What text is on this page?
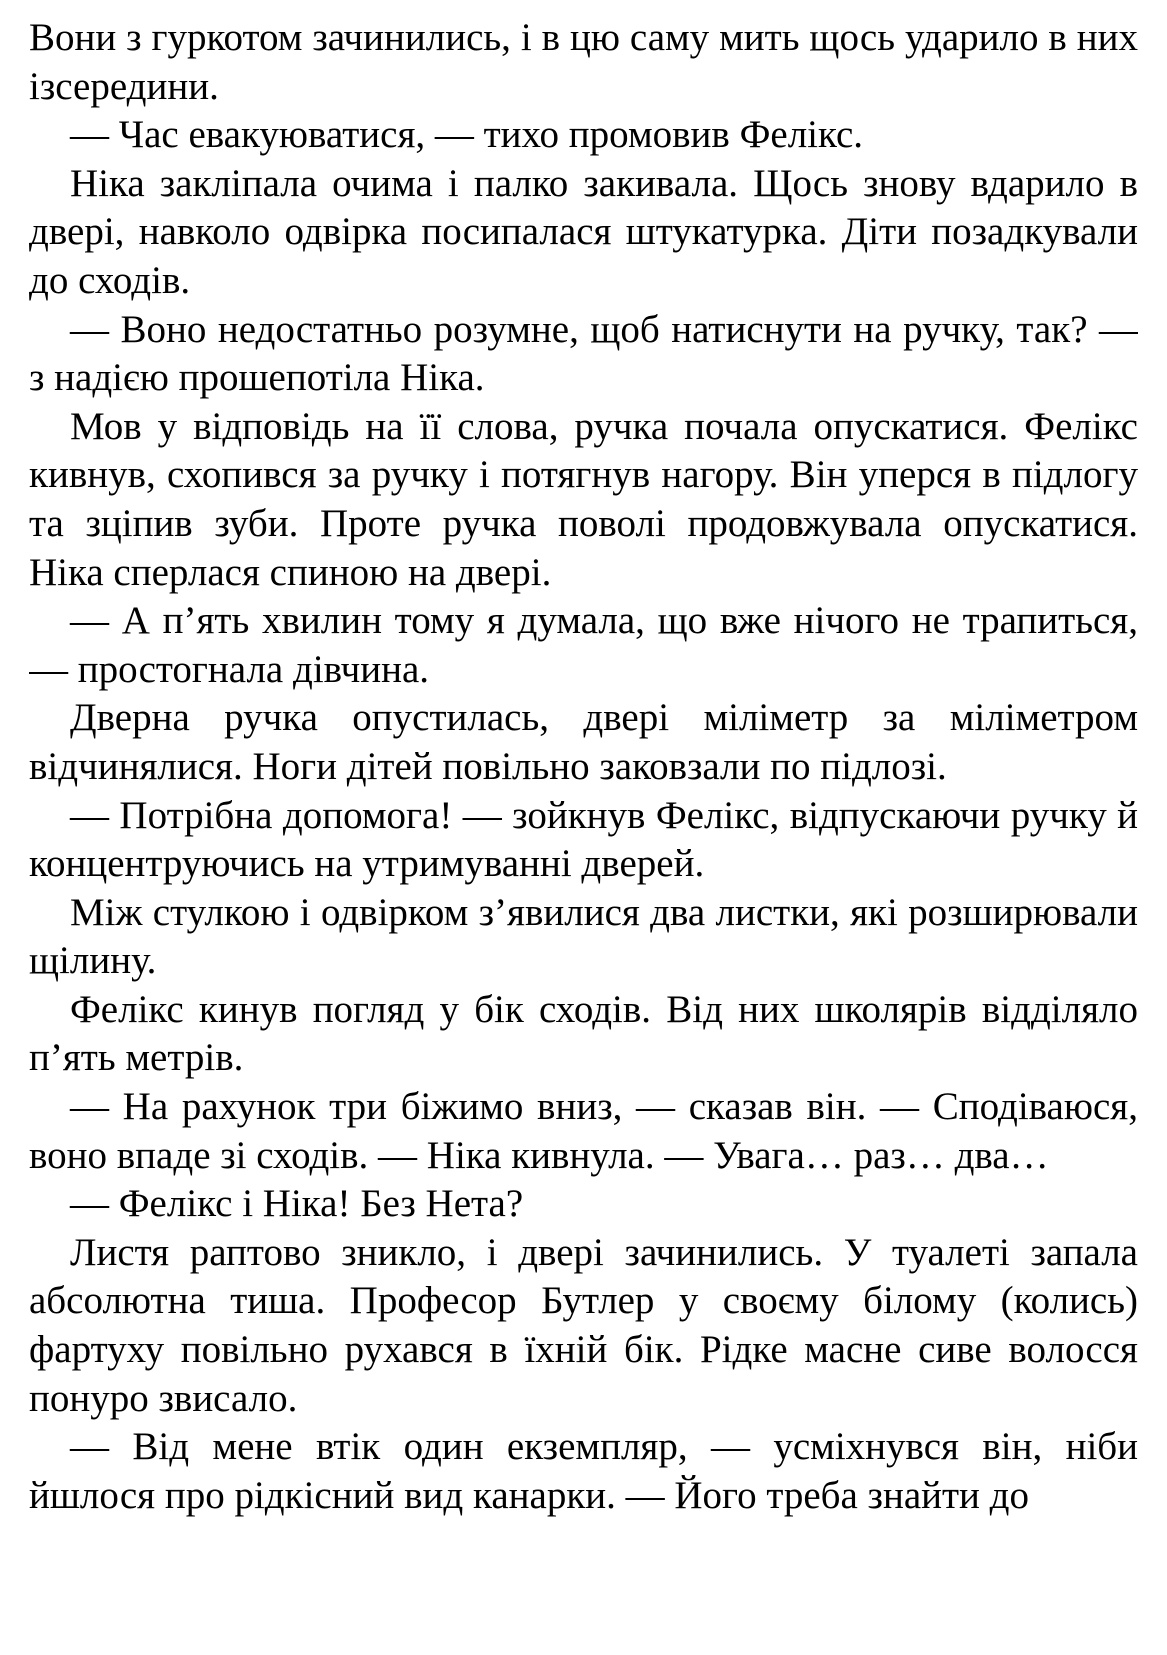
Вони з гуркотом зачинились, і в цю саму мить щось ударило в них ізсередини.

— Час евакуюватися, — тихо промовив Фелікс.

Ніка закліпала очима і палко закивала. Щось знову вдарило в двері, навколо одвірка посипалася штукатурка. Діти позадкували до сходів.

— Воно недостатньо розумне, щоб натиснути на ручку, так? — з надією прошепотіла Ніка.

Мов у відповідь на її слова, ручка почала опускатися. Фелікс кивнув, схопився за ручку і потягнув нагору. Він уперся в підлогу та зціпив зуби. Проте ручка поволі продовжувала опускатися. Ніка сперлася спиною на двері.

— А п’ять хвилин тому я думала, що вже нічого не трапиться, — простогнала дівчина.

Дверна ручка опустилась, двері міліметр за міліметром відчинялися. Ноги дітей повільно заковзали по підлозі.

— Потрібна допомога! — зойкнув Фелікс, відпускаючи ручку й концентруючись на утримуванні дверей.

Між стулкою і одвірком з’явилися два листки, які розширювали щілину.

Фелікс кинув погляд у бік сходів. Від них школярів відділяло п’ять метрів.

— На рахунок три біжимо вниз, — сказав він. — Сподіваюся, воно впаде зі сходів. — Ніка кивнула. — Увага… раз… два…

— Фелікс і Ніка! Без Нета?

Листя раптово зникло, і двері зачинились. У туалеті запала абсолютна тиша. Професор Бутлер у своєму білому (колись) фартуху повільно рухався в їхній бік. Рідке масне сиве волосся понуро звисало.

— Від мене втік один екземпляр, — усміхнувся він, ніби йшлося про рідкісний вид канарки. — Його треба знайти до
